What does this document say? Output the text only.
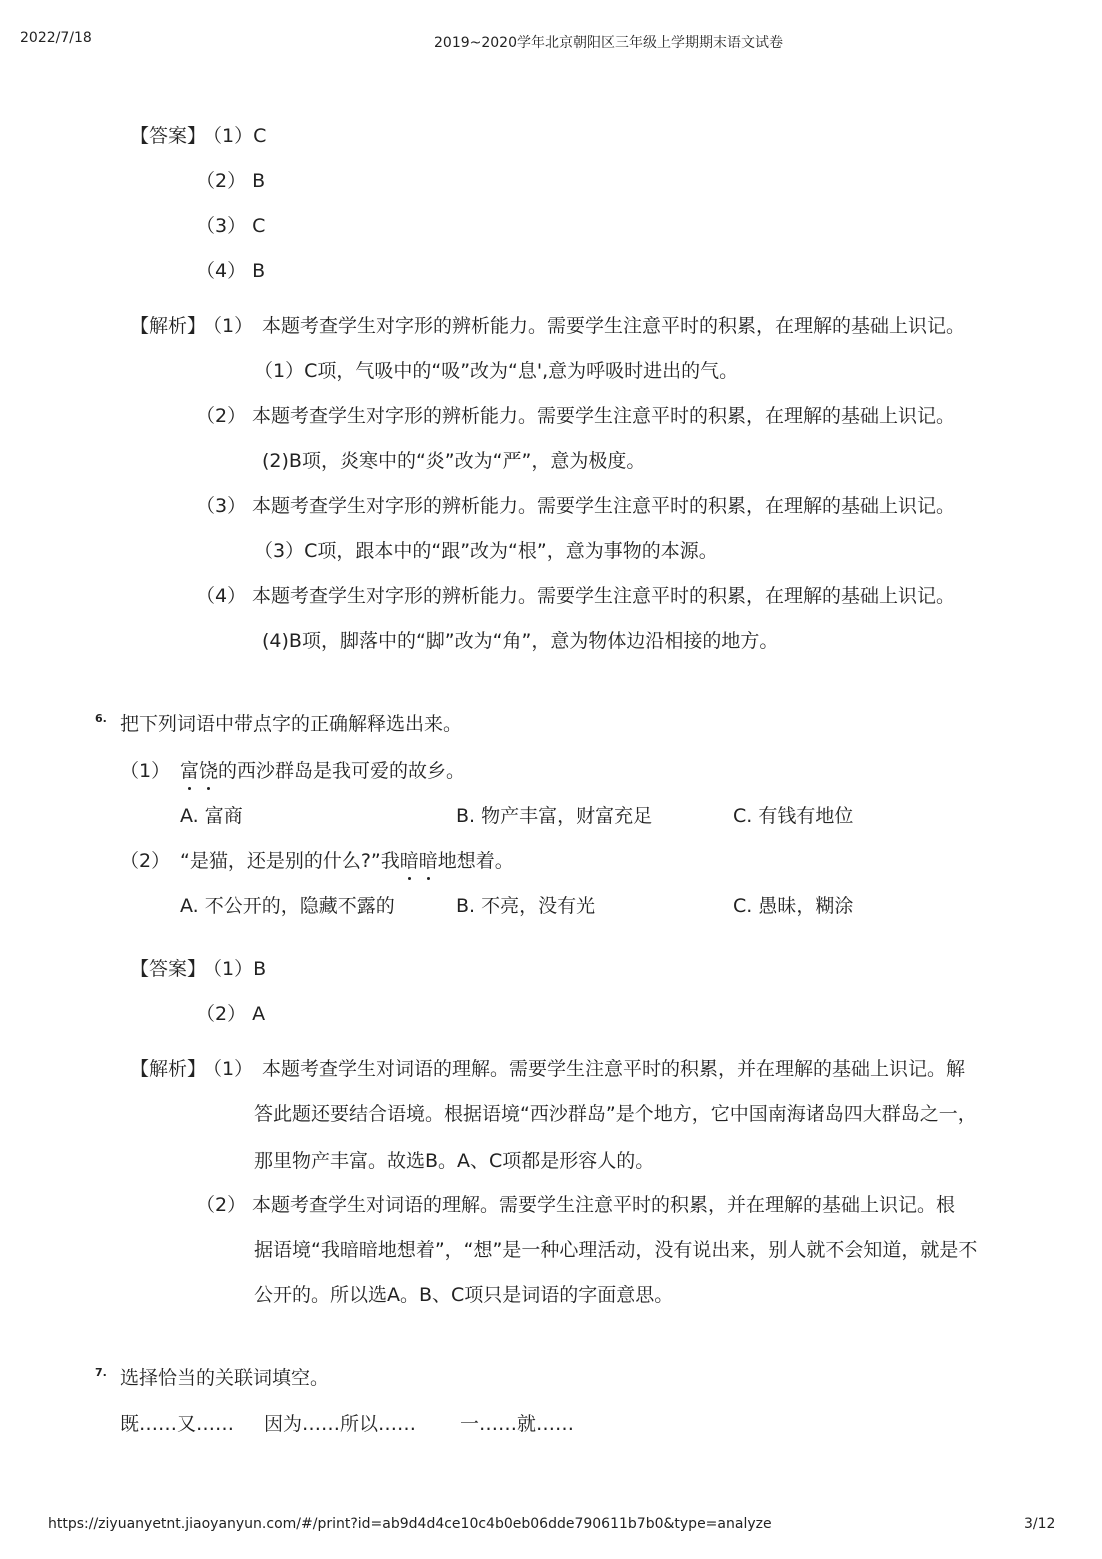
2022/7/18	2019~2020学年北京朝阳区三年级上学期期末语文试卷
【答案】
（1）C
（2） B
（3） C
（4） B
【解析】
（1） 本题考查学生对字形的辨析能力。需要学生注意平时的积累，在理解的基础上识记。
（1）C项，气吸中的“吸”改为“息',意为呼吸时进出的气。
（2） 本题考查学生对字形的辨析能力。需要学生注意平时的积累，在理解的基础上识记。
(2)B项，炎寒中的“炎”改为“严”，意为极度。
（3） 本题考查学生对字形的辨析能力。需要学生注意平时的积累，在理解的基础上识记。
（3）C项，跟本中的“跟”改为“根”，意为事物的本源。
（4） 本题考查学生对字形的辨析能力。需要学生注意平时的积累，在理解的基础上识记。
(4)B项，脚落中的“脚”改为“角”，意为物体边沿相接的地方。
6. 把下列词语中带点字的正确解释选出来。
（1） 富饶
的西沙群岛是我可爱的故乡。
A. 富商	B. 物产丰富，财富充足	C. 有钱有地位
（2） “是猫，还是别的什么?”我暗暗
地想着。
A. 不公开的，隐藏不露的	B. 不亮，没有光	C. 愚昧，糊涂
【答案】
（1）B
（2） A
【解析】
（1） 本题考查学生对词语的理解。需要学生注意平时的积累，并在理解的基础上识记。解
答此题还要结合语境。根据语境“西沙群岛”是个地方，它中国南海诸岛四大群岛之一，
那里物产丰富。故选B。A、C项都是形容人的。
（2） 本题考查学生对词语的理解。需要学生注意平时的积累，并在理解的基础上识记。根
据语境“我暗暗地想着”，“想”是一种心理活动，没有说出来，别人就不会知道，就是不
公开的。所以选A。B、C项只是词语的字面意思。
7. 选择恰当的关联词填空。
既……又…… 因为……所以…… 一……就……
https://ziyuanyetnt.jiaoyanyun.com/#/print?id=ab9d4d4ce10c4b0eb06dde790611b7b0&type=analyze	3/12
